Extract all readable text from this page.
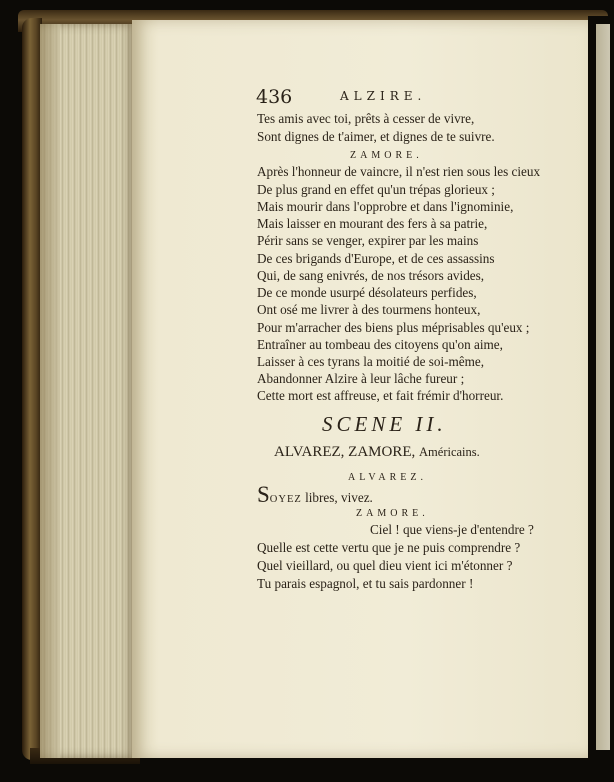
436	ALZIRE.
Tes amis avec toi, prêts à cesser de vivre,
Sont dignes de t'aimer, et dignes de te suivre.
ZAMORE.
Après l'honneur de vaincre, il n'est rien sous les cieux
De plus grand en effet qu'un trépas glorieux ;
Mais mourir dans l'opprobre et dans l'ignominie,
Mais laisser en mourant des fers à sa patrie,
Périr sans se venger, expirer par les mains
De ces brigands d'Europe, et de ces assassins
Qui, de sang enivrés, de nos trésors avides,
De ce monde usurpé désolateurs perfides,
Ont osé me livrer à des tourmens honteux,
Pour m'arracher des biens plus méprisables qu'eux ;
Entraîner au tombeau des citoyens qu'on aime,
Laisser à ces tyrans la moitié de soi-même,
Abandonner Alzire à leur lâche fureur ;
Cette mort est affreuse, et fait frémir d'horreur.
SCENE II.
ALVAREZ, ZAMORE, Américains.
ALVAREZ.
SOYEZ libres, vivez.
ZAMORE.
Ciel ! que viens-je d'entendre ?
Quelle est cette vertu que je ne puis comprendre ?
Quel vieillard, ou quel dieu vient ici m'étonner ?
Tu parais espagnol, et tu sais pardonner !
